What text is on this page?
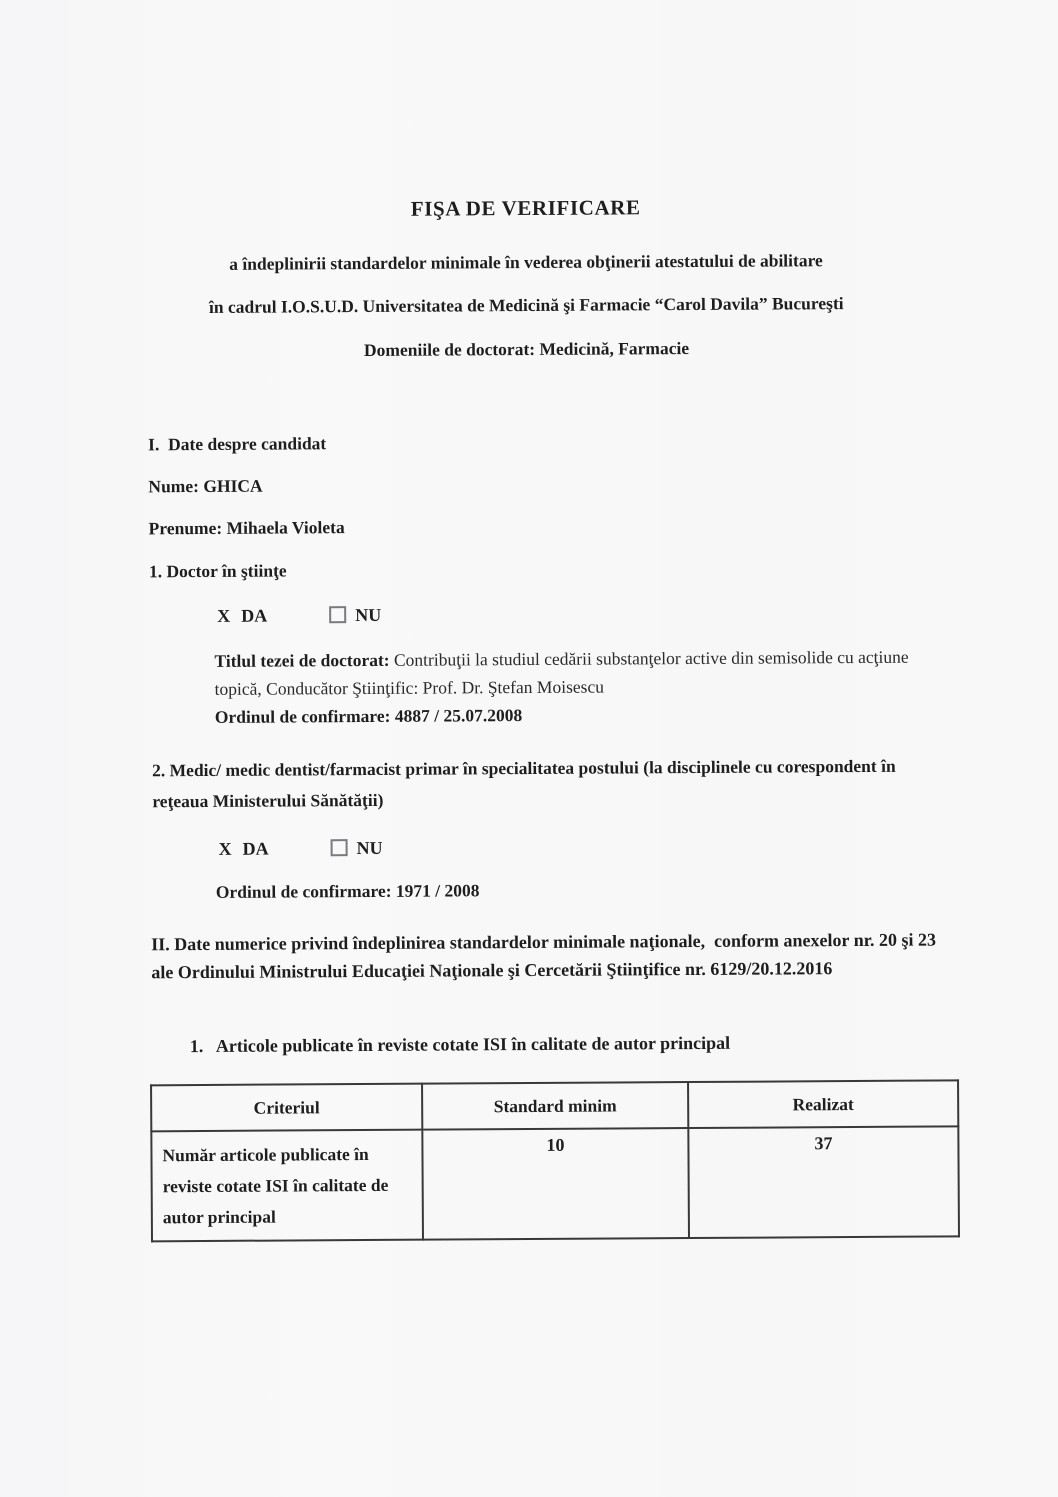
FIŞA DE VERIFICARE
a îndeplinirii standardelor minimale în vederea obţinerii atestatului de abilitare
în cadrul I.O.S.U.D. Universitatea de Medicină şi Farmacie “Carol Davila” Bucureşti
Domeniile de doctorat: Medicină, Farmacie
I.  Date despre candidat
Nume: GHICA
Prenume: Mihaela Violeta
1. Doctor în ştiinţe
X DA	NU
Titlul tezei de doctorat: Contribuţii la studiul cedării substanţelor active din semisolide cu acţiune topică, Conducător Ştiinţific: Prof. Dr. Ştefan Moisescu
Ordinul de confirmare: 4887 / 25.07.2008
2. Medic/ medic dentist/farmacist primar în specialitatea postului (la disciplinele cu corespondent în reţeaua Ministerului Sănătăţii)
X DA	NU
Ordinul de confirmare: 1971 / 2008
II. Date numerice privind îndeplinirea standardelor minimale naţionale,  conform anexelor nr. 20 şi 23 ale Ordinului Ministrului Educaţiei Naţionale şi Cercetării Ştiinţifice nr. 6129/20.12.2016
1.   Articole publicate în reviste cotate ISI în calitate de autor principal
Criteriul	Standard minim	Realizat
Număr articole publicate în reviste cotate ISI în calitate de autor principal	10	37
